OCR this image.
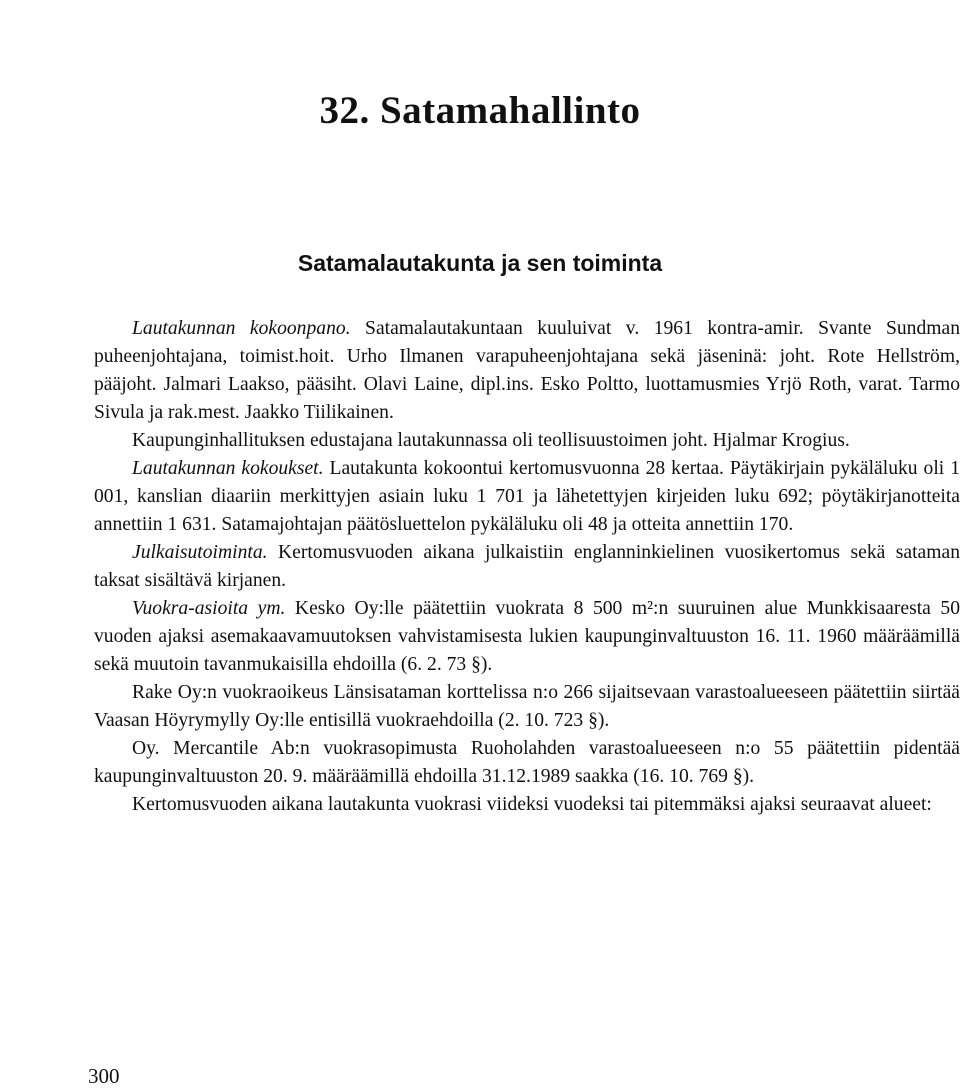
32. Satamahallinto
Satamalautakunta ja sen toiminta

Lautakunnan kokoonpano. Satamalautakuntaan kuuluivat v. 1961 kontra-amir. Svante Sundman puheenjohtajana, toimist.hoit. Urho Ilmanen varapuheenjohtajana sekä jäseninä: joht. Rote Hellström, pääjoht. Jalmari Laakso, pääsiht. Olavi Laine, dipl.ins. Esko Poltto, luottamusmies Yrjö Roth, varat. Tarmo Sivula ja rak.mest. Jaakko Tiilikainen.

Kaupunginhallituksen edustajana lautakunnassa oli teollisuustoimen joht. Hjalmar Krogius.

Lautakunnan kokoukset. Lautakunta kokoontui kertomusvuonna 28 kertaa. Päytäkirjain pykäläluku oli 1 001, kanslian diaariin merkittyjen asiain luku 1 701 ja lähetettyjen kirjeiden luku 692; pöytäkirjanotteita annettiin 1 631. Satamajohtajan päätösluettelon pykäläluku oli 48 ja otteita annettiin 170.

Julkaisutoiminta. Kertomusvuoden aikana julkaistiin englanninkielinen vuosikertomus sekä sataman taksat sisältävä kirjanen.

Vuokra-asioita ym. Kesko Oy:lle päätettiin vuokrata 8 500 m²:n suuruinen alue Munkkisaaresta 50 vuoden ajaksi asemakaavamuutoksen vahvistamisesta lukien kaupunginvaltuuston 16. 11. 1960 määräämillä sekä muutoin tavanmukaisilla ehdoilla (6. 2. 73 §).

Rake Oy:n vuokraoikeus Länsisataman korttelissa n:o 266 sijaitsevaan varastoalueeseen päätettiin siirtää Vaasan Höyrymylly Oy:lle entisillä vuokraehdoilla (2. 10. 723 §).

Oy. Mercantile Ab:n vuokrasopimusta Ruoholahden varastoalueeseen n:o 55 päätettiin pidentää kaupunginvaltuuston 20. 9. määräämillä ehdoilla 31.12.1989 saakka (16. 10. 769 §).

Kertomusvuoden aikana lautakunta vuokrasi viideksi vuodeksi tai pitemmäksi ajaksi seuraavat alueet:

300
